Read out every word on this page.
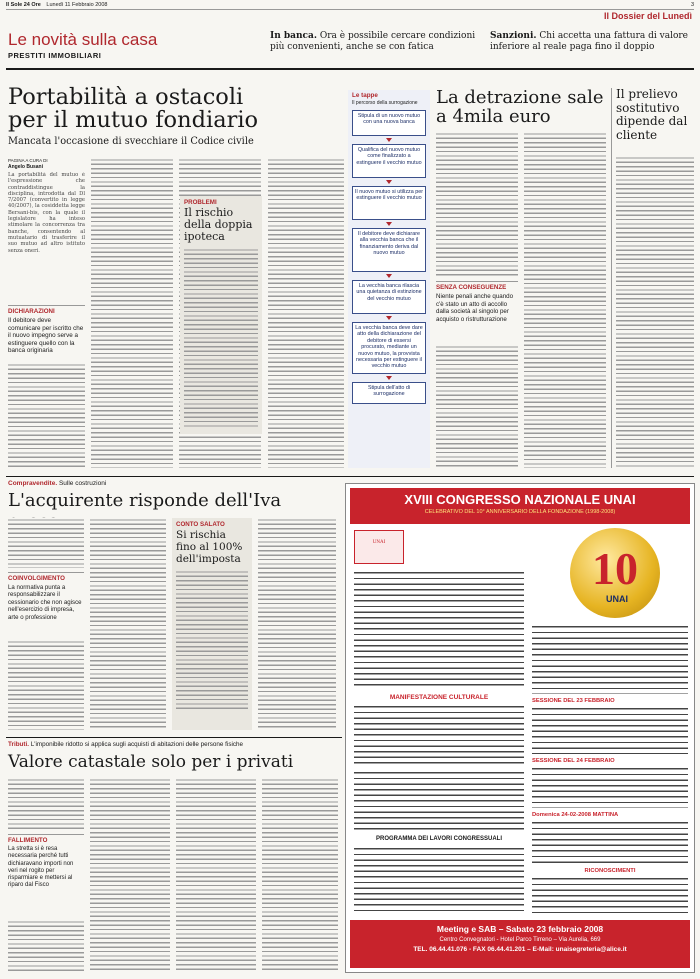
Il Sole 24 Ore Lunedì 11 Febbraio 2008	3
Il Dossier del Lunedì
Le novità sulla casa
PRESTITI IMMOBILIARI
In banca. Ora è possibile cercare condizioni più convenienti, anche se con fatica
Sanzioni. Chi accetta una fattura di valore inferiore al reale paga fino il doppio
Portabilità a ostacoli per il mutuo fondiario
Mancata l'occasione di svecchiare il Codice civile
PAGINA A CURA DI
Angelo Busani
La portabilità del mutuo è l'espressione che contraddistingue la disciplina, introdotta dal Dl 7/2007 (convertito in legge 40/2007), la cosiddetta legge Bersani-bis, con la quale il legislatore ha inteso stimolare la concorrenza tra banche, consentendo al mutuatario di trasferire il suo mutuo ad altro istituto senza oneri.
DICHIARAZIONI
Il debitore deve comunicare per iscritto che il nuovo impegno serve a estinguere quello con la banca originaria
PROBLEMI
Il rischio della doppia ipoteca
Le tappe
Il percorso della surrogazione
Stipula di un nuovo mutuo con una nuova banca
Qualifica del nuovo mutuo come finalizzato a estinguere il vecchio mutuo
Il nuovo mutuo si utilizza per estinguere il vecchio mutuo
Il debitore deve dichiarare alla vecchia banca che il finanziamento deriva dal nuovo mutuo
La vecchia banca rilascia una quietanza di estinzione del vecchio mutuo
La vecchia banca deve dare atto della dichiarazione del debitore di essersi procurato, mediante un nuovo mutuo, la provvista necessaria per estinguere il vecchio mutuo
Stipula dell'atto di surrogazione
La detrazione sale a 4mila euro
SENZA CONSEGUENZE
Niente penali anche quando c'è stato un atto di accollo dalla società al singolo per acquisto o ristrutturazione
Il prelievo sostitutivo dipende dal cliente
Compravendite. Sulle costruzioni
L'acquirente risponde dell'Iva
COINVOLGIMENTO
La normativa punta a responsabilizzare il cessionario che non agisce nell'esercizio di impresa, arte o professione
CONTO SALATO
Si rischia fino al 100% dell'imposta
Tributi. L'imponibile ridotto si applica sugli acquisti di abitazioni delle persone fisiche
Valore catastale solo per i privati
FALLIMENTO
La stretta si è resa necessaria perché tutti dichiaravano importi non veri nel rogito per risparmiare e mettersi al riparo dal Fisco
XVIII CONGRESSO NAZIONALE UNAI
CELEBRATIVO DEL 10° ANNIVERSARIO DELLA FONDAZIONE (1998-2008)
UNAI
10
UNAI
MANIFESTAZIONE CULTURALE
PROGRAMMA DEI LAVORI CONGRESSUALI
SESSIONE DEL 23 FEBBRAIO
SESSIONE DEL 24 FEBBRAIO
Domenica 24-02-2008 MATTINA
RICONOSCIMENTI
Meeting e SAB – Sabato 23 febbraio 2008
Centro Convegnatori - Hotel Parco Tirreno – Via Aurelia, 669
TEL. 06.44.41.076 - FAX 06.44.41.201 – E-Mail: unaisegreteria@alice.it
